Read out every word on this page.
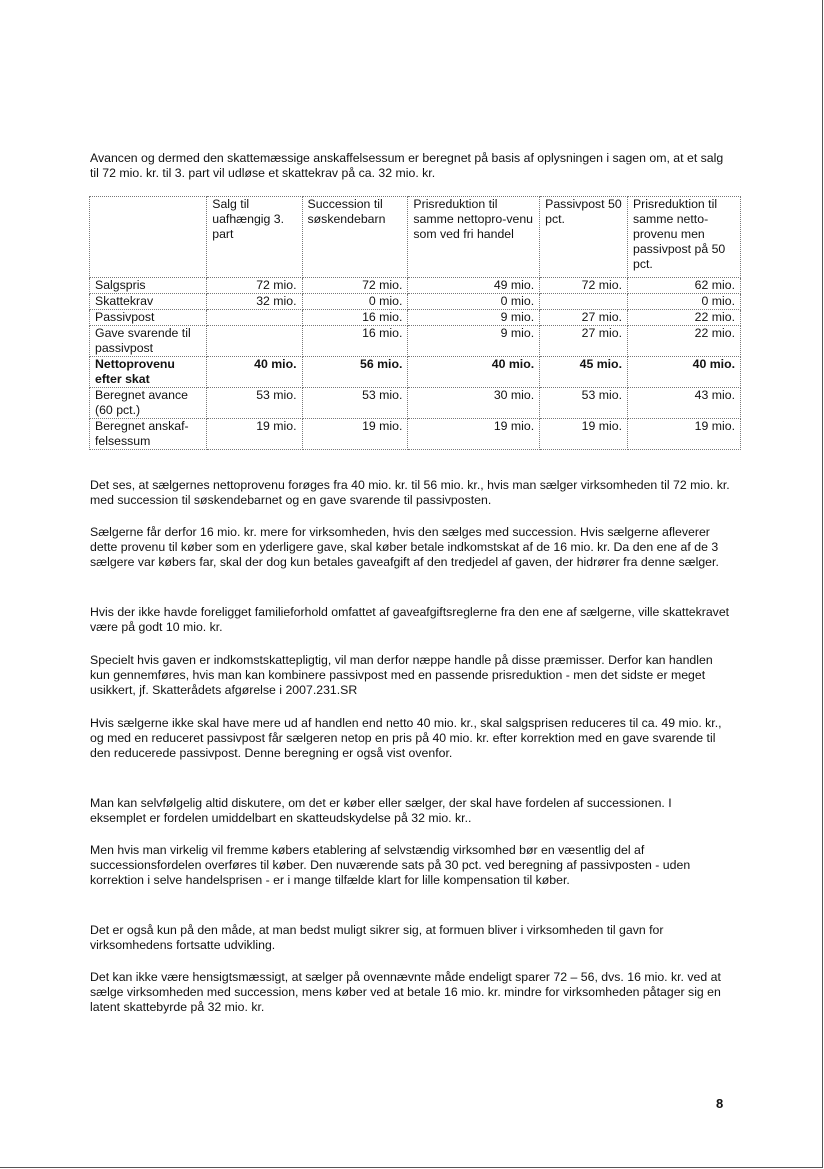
Avancen og dermed den skattemæssige anskaffelsessum er beregnet på basis af oplysningen i sagen om, at et salg til 72 mio. kr. til 3. part vil udløse et skattekrav på ca. 32 mio. kr.

	Salg til uafhængig 3. part	Succession til søskendebarn	Prisreduktion til samme nettopro-venu som ved fri handel	Passivpost 50 pct.	Prisreduktion til samme netto-provenu men passivpost på 50 pct.
Salgspris	72 mio.	72 mio.	49 mio.	72 mio.	62 mio.
Skattekrav	32 mio.	0 mio.	0 mio.		0 mio.
Passivpost		16 mio.	9 mio.	27 mio.	22 mio.
Gave svarende til passivpost		16 mio.	9 mio.	27 mio.	22 mio.
Nettoprovenu efter skat	40 mio.	56 mio.	40 mio.	45 mio.	40 mio.
Beregnet avance (60 pct.)	53 mio.	53 mio.	30 mio.	53 mio.	43 mio.
Beregnet anskaf-felsessum	19 mio.	19 mio.	19 mio.	19 mio.	19 mio.

Det ses, at sælgernes nettoprovenu forøges fra 40 mio. kr. til 56 mio. kr., hvis man sælger virksomheden til 72 mio. kr. med succession til søskendebarnet og en gave svarende til passivposten.

Sælgerne får derfor 16 mio. kr. mere for virksomheden, hvis den sælges med succession. Hvis sælgerne afleverer dette provenu til køber som en yderligere gave, skal køber betale indkomstskat af de 16 mio. kr. Da den ene af de 3 sælgere var købers far, skal der dog kun betales gaveafgift af den tredjedel af gaven, der hidrører fra denne sælger.

Hvis der ikke havde foreligget familieforhold omfattet af gaveafgiftsreglerne fra den ene af sælgerne, ville skattekravet være på godt 10 mio. kr.

Specielt hvis gaven er indkomstskattepligtig, vil man derfor næppe handle på disse præmisser. Derfor kan handlen kun gennemføres, hvis man kan kombinere passivpost med en passende prisreduktion - men det sidste er meget usikkert, jf. Skatterådets afgørelse i 2007.231.SR

Hvis sælgerne ikke skal have mere ud af handlen end netto 40 mio. kr., skal salgsprisen reduceres til ca. 49 mio. kr., og med en reduceret passivpost får sælgeren netop en pris på 40 mio. kr. efter korrektion med en gave svarende til den reducerede passivpost. Denne beregning er også vist ovenfor.

Man kan selvfølgelig altid diskutere, om det er køber eller sælger, der skal have fordelen af successionen. I eksemplet er fordelen umiddelbart en skatteudskydelse på 32 mio. kr..

Men hvis man virkelig vil fremme købers etablering af selvstændig virksomhed bør en væsentlig del af successionsfordelen overføres til køber. Den nuværende sats på 30 pct. ved beregning af passivposten - uden korrektion i selve handelsprisen - er i mange tilfælde klart for lille kompensation til køber.

Det er også kun på den måde, at man bedst muligt sikrer sig, at formuen bliver i virksomheden til gavn for virksomhedens fortsatte udvikling.

Det kan ikke være hensigtsmæssigt, at sælger på ovennævnte måde endeligt sparer 72 – 56, dvs. 16 mio. kr. ved at sælge virksomheden med succession, mens køber ved at betale 16 mio. kr. mindre for virksomheden påtager sig en latent skattebyrde på 32 mio. kr.

8
